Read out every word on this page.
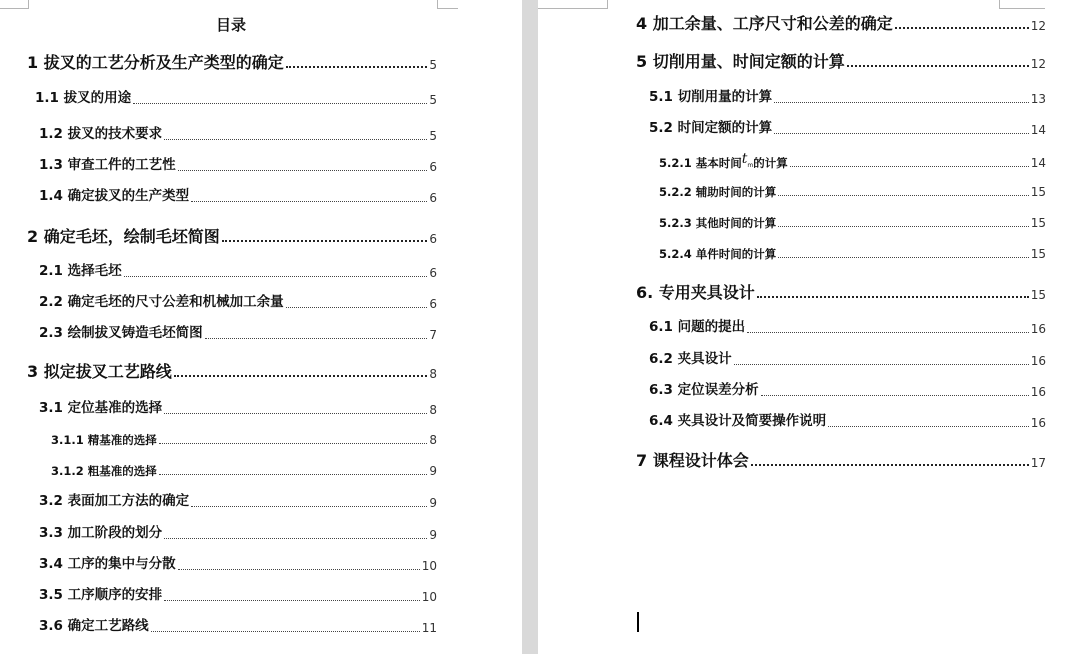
目录
1 拔叉的工艺分析及生产类型的确定	5
1.1 拔叉的用途	5
1.2 拔叉的技术要求	5
1.3 审查工件的工艺性	6
1.4 确定拔叉的生产类型	6
2 确定毛坯，绘制毛坯简图	6
2.1 选择毛坯	6
2.2 确定毛坯的尺寸公差和机械加工余量	6
2.3 绘制拔叉铸造毛坯简图	7
3 拟定拔叉工艺路线	8
3.1 定位基准的选择	8
3.1.1 精基准的选择	8
3.1.2 粗基准的选择	9
3.2 表面加工方法的确定	9
3.3 加工阶段的划分	9
3.4 工序的集中与分散	10
3.5 工序顺序的安排	10
3.6 确定工艺路线	11
4 加工余量、工序尺寸和公差的确定	12
5 切削用量、时间定额的计算	12
5.1 切削用量的计算	13
5.2 时间定额的计算	14
5.2.1 基本时间 t m 的计算	14
5.2.2 辅助时间的计算	15
5.2.3 其他时间的计算	15
5.2.4 单件时间的计算	15
6. 专用夹具设计	15
6.1 问题的提出	16
6.2 夹具设计	16
6.3 定位误差分析	16
6.4 夹具设计及简要操作说明	16
7 课程设计体会	17
